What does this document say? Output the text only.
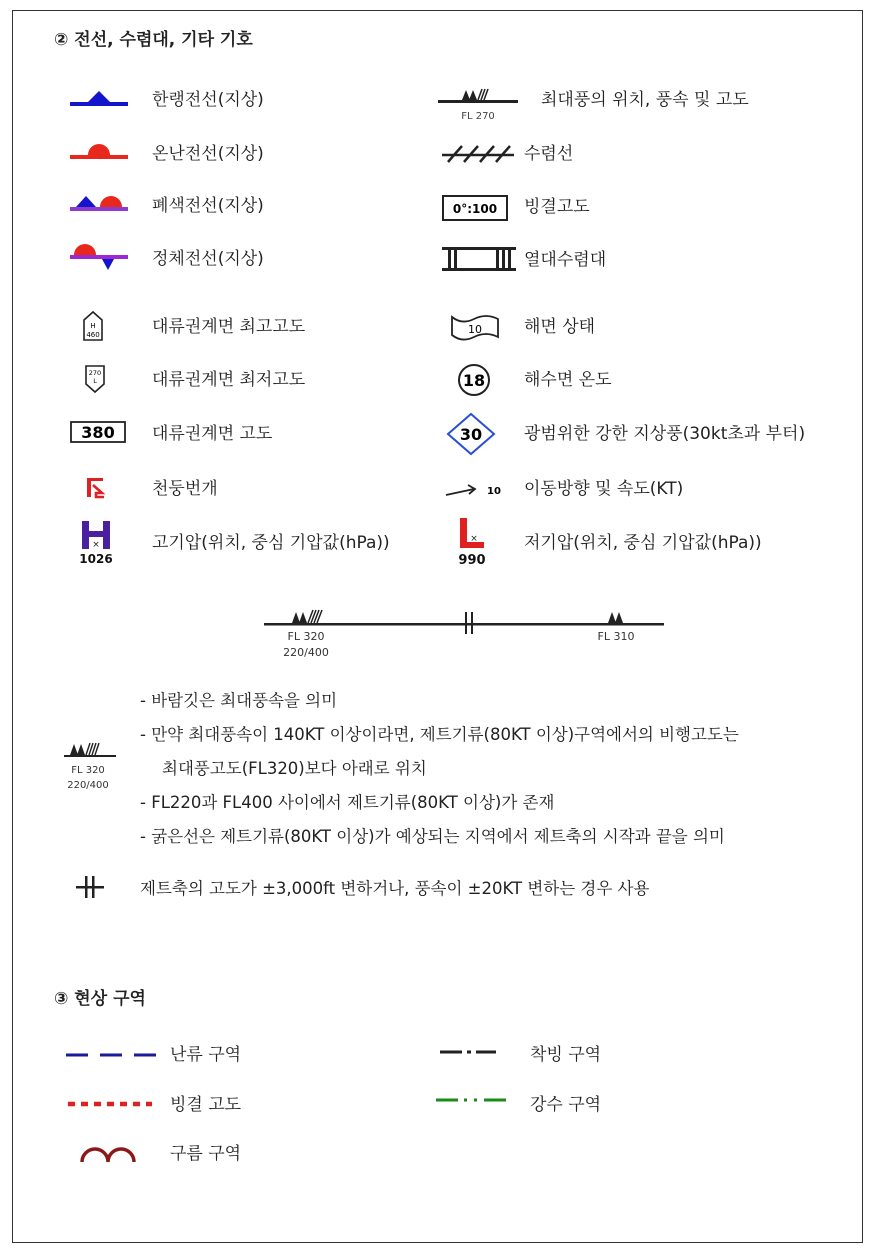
② 전선, 수렴대, 기타 기호
H
460
270
L
380
×
1026
한랭전선(지상)
온난전선(지상)
폐색전선(지상)
정체전선(지상)
대류권계면 최고고도
대류권계면 최저고도
대류권계면 고도
천둥번개
고기압(위치, 중심 기압값(hPa))
FL 270
0°:100
10
18
30
10
×
990
최대풍의 위치, 풍속 및 고도
수렴선
빙결고도
열대수렴대
해면 상태
해수면 온도
광범위한 강한 지상풍(30kt초과 부터)
이동방향 및 속도(KT)
저기압(위치, 중심 기압값(hPa))
FL 320
220/400
FL 310
FL 320
220/400
- 바람깃은 최대풍속을 의미
- 만약 최대풍속이 140KT 이상이라면, 제트기류(80KT 이상)구역에서의 비행고도는
최대풍고도(FL320)보다 아래로 위치
- FL220과 FL400 사이에서 제트기류(80KT 이상)가 존재
- 굵은선은 제트기류(80KT 이상)가 예상되는 지역에서 제트축의 시작과 끝을 의미
제트축의 고도가 ±3,000ft 변하거나, 풍속이 ±20KT 변하는 경우 사용
③ 현상 구역
난류 구역	착빙 구역
빙결 고도	강수 구역
구름 구역
